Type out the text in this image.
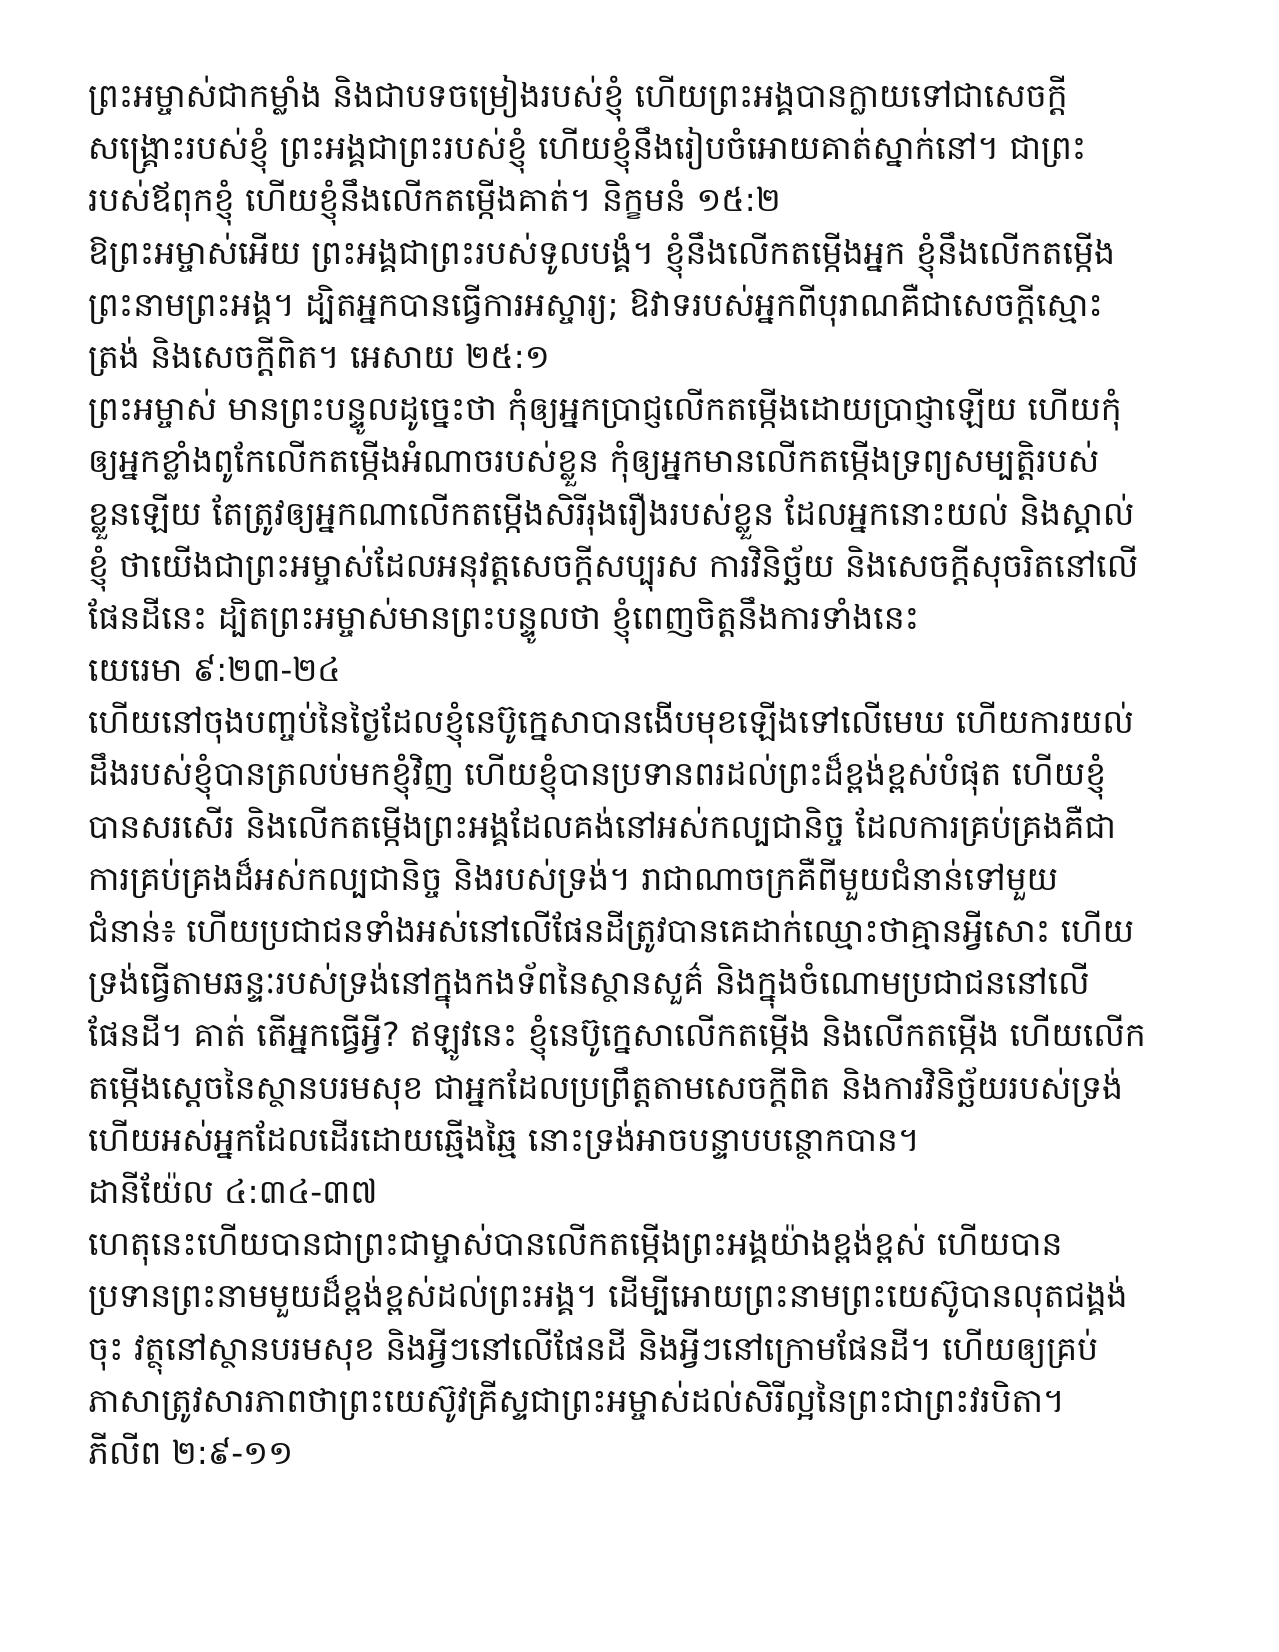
ព្រះអម្ចាស់ជាកម្លាំង និងជាបទចម្រៀងរបស់ខ្ញុំ ហើយព្រះអង្គបានក្លាយទៅជាសេចក្តី
សង្គ្រោះរបស់ខ្ញុំ ព្រះអង្គជាព្រះរបស់ខ្ញុំ ហើយខ្ញុំនឹងរៀបចំអោយគាត់ស្នាក់នៅ។ ជាព្រះ
របស់ឪពុកខ្ញុំ ហើយខ្ញុំនឹងលើកតម្កើងគាត់។ និក្ខមនំ ១៥:២
ឱព្រះអម្ចាស់អើយ ព្រះអង្គជាព្រះរបស់ទូលបង្គំ។ ខ្ញុំនឹងលើកតម្កើងអ្នក ខ្ញុំនឹងលើកតម្កើង
ព្រះនាមព្រះអង្គ។ ដ្បិតអ្នកបានធ្វើការអស្ចារ្យ; ឱវាទរបស់អ្នកពីបុរាណគឺជាសេចក្តីស្មោះ
ត្រង់ និងសេចក្តីពិត។ អេសាយ ២៥:១
ព្រះអម្ចាស់ មានព្រះបន្ទូលដូច្នេះថា កុំឲ្យអ្នកប្រាជ្ញលើកតម្កើងដោយប្រាជ្ញាឡើយ ហើយកុំ
ឲ្យអ្នកខ្លាំងពូកែលើកតម្កើងអំណាចរបស់ខ្លួន កុំឲ្យអ្នកមានលើកតម្កើងទ្រព្យសម្បត្តិរបស់
ខ្លួនឡើយ តែត្រូវឲ្យអ្នកណាលើកតម្កើងសិរីរុងរឿងរបស់ខ្លួន ដែលអ្នកនោះយល់ និងស្គាល់
ខ្ញុំ ថាយើងជាព្រះអម្ចាស់ដែលអនុវត្តសេចក្តីសប្បុរស ការវិនិច្ឆ័យ និងសេចក្តីសុចរិតនៅលើ
ផែនដីនេះ ដ្បិតព្រះអម្ចាស់មានព្រះបន្ទូលថា ខ្ញុំពេញចិត្តនឹងការទាំងនេះ
យេរេមា ៩:២៣-២៤
ហើយនៅចុងបញ្ចប់នៃថ្ងៃដែលខ្ញុំនេប៊ូក្នេសាបានងើបមុខឡើងទៅលើមេឃ ហើយការយល់
ដឹងរបស់ខ្ញុំបានត្រលប់មកខ្ញុំវិញ ហើយខ្ញុំបានប្រទានពរដល់ព្រះដ៏ខ្ពង់ខ្ពស់បំផុត ហើយខ្ញុំ
បានសរសើរ និងលើកតម្កើងព្រះអង្គដែលគង់នៅអស់កល្បជានិច្ច ដែលការគ្រប់គ្រងគឺជា
ការគ្រប់គ្រងដ៏អស់កល្បជានិច្ច និងរបស់ទ្រង់។ រាជាណាចក្រគឺពីមួយជំនាន់ទៅមួយ
ជំនាន់៖ ហើយប្រជាជនទាំងអស់នៅលើផែនដីត្រូវបានគេដាក់ឈ្មោះថាគ្មានអ្វីសោះ ហើយ
ទ្រង់ធ្វើតាមឆន្ទៈរបស់ទ្រង់នៅក្នុងកងទ័ពនៃស្ថានសួគ៌ និងក្នុងចំណោមប្រជាជននៅលើ
ផែនដី។ គាត់ តើអ្នកធ្វើអ្វី? ឥឡូវនេះ ខ្ញុំនេប៊ូក្នេសាលើកតម្កើង និងលើកតម្កើង ហើយលើក
តម្កើងស្តេចនៃស្ថានបរមសុខ ជាអ្នកដែលប្រព្រឹត្តតាមសេចក្តីពិត និងការវិនិច្ឆ័យរបស់ទ្រង់
ហើយអស់អ្នកដែលដើរដោយឆ្មើងឆ្មៃ នោះទ្រង់អាចបន្ទាបបន្ថោកបាន។
ដានីយ៉ែល ៤:៣៤-៣៧
ហេតុនេះហើយបានជាព្រះជាម្ចាស់បានលើកតម្កើងព្រះអង្គយ៉ាងខ្ពង់ខ្ពស់ ហើយបាន
ប្រទានព្រះនាមមួយដ៏ខ្ពង់ខ្ពស់ដល់ព្រះអង្គ។ ដើម្បីអោយព្រះនាមព្រះយេស៊ូបានលុតជង្គង់
ចុះ វត្ថុនៅស្ថានបរមសុខ និងអ្វីៗនៅលើផែនដី និងអ្វីៗនៅក្រោមផែនដី។ ហើយឲ្យគ្រប់
ភាសាត្រូវសារភាពថាព្រះយេស៊ូវគ្រីស្ទជាព្រះអម្ចាស់ដល់សិរីល្អនៃព្រះជាព្រះវរបិតា។
ភីលីព ២:៩-១១
